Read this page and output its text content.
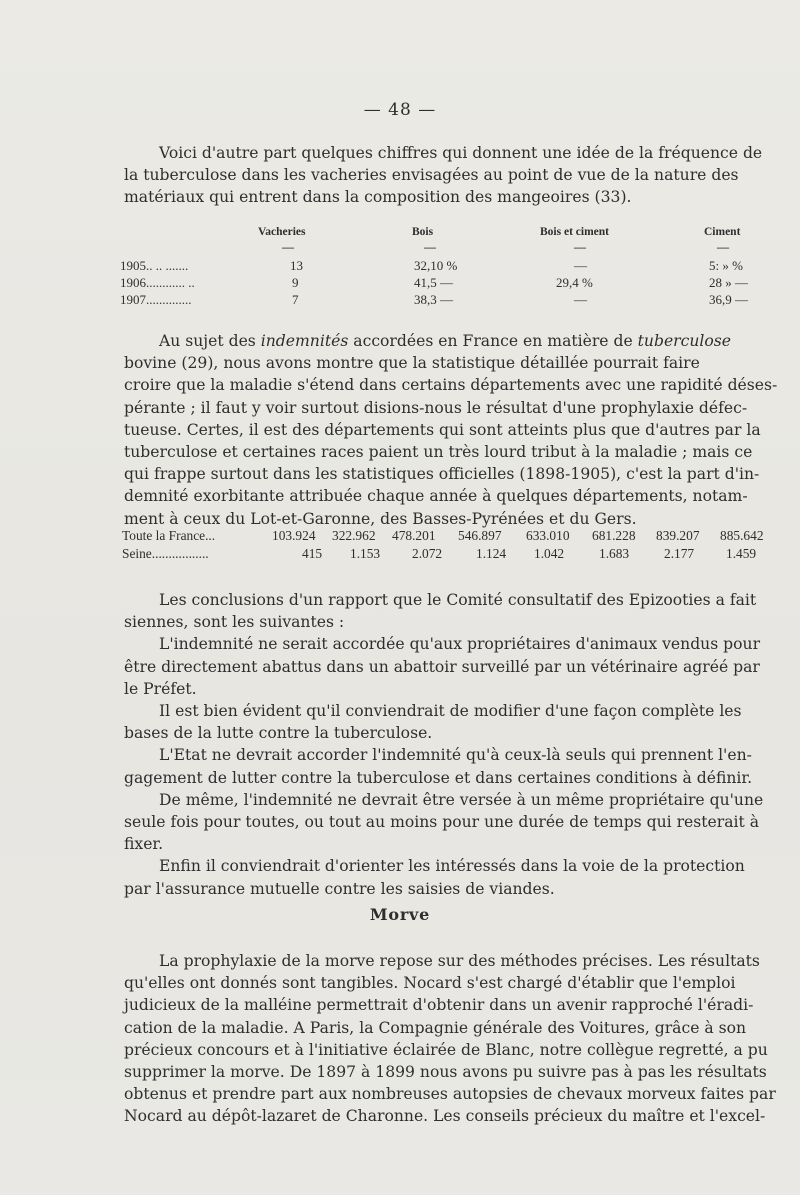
— 48 —
Voici d'autre part quelques chiffres qui donnent une idée de la fréquence de
la tuberculose dans les vacheries envisagées au point de vue de la nature des
matériaux qui entrent dans la composition des mangeoires (33).
Vacheries	Bois	Bois et ciment	Ciment
—	—	—	—
1905.. .. .......	13	32,10 %	—	5: » %
1906............ ..	9	41,5 —	29,4 %	28 » —
1907..............	7	38,3 —	—	36,9 —
Au sujet des indemnités accordées en France en matière de tuberculose
bovine (29), nous avons montre que la statistique détaillée pourrait faire
croire que la maladie s'étend dans certains départements avec une rapidité déses-
pérante ; il faut y voir surtout disions-nous le résultat d'une prophylaxie défec-
tueuse. Certes, il est des départements qui sont atteints plus que d'autres par la
tuberculose et certaines races paient un très lourd tribut à la maladie ; mais ce
qui frappe surtout dans les statistiques officielles (1898-1905), c'est la part d'in-
demnité exorbitante attribuée chaque année à quelques départements, notam-
ment à ceux du Lot-et-Garonne, des Basses-Pyrénées et du Gers.
Toute la France...	103.924 322.962 478.201 546.897 633.010 681.228 839.207 885.642
Seine.................	415 1.153 2.072	1.124 1.042	1.683	2.177 1.459
Les conclusions d'un rapport que le Comité consultatif des Epizooties a fait
siennes, sont les suivantes :
L'indemnité ne serait accordée qu'aux propriétaires d'animaux vendus pour
être directement abattus dans un abattoir surveillé par un vétérinaire agréé par
le Préfet.
Il est bien évident qu'il conviendrait de modifier d'une façon complète les
bases de la lutte contre la tuberculose.
L'Etat ne devrait accorder l'indemnité qu'à ceux-là seuls qui prennent l'en-
gagement de lutter contre la tuberculose et dans certaines conditions à définir.
De même, l'indemnité ne devrait être versée à un même propriétaire qu'une
seule fois pour toutes, ou tout au moins pour une durée de temps qui resterait à
fixer.
Enfin il conviendrait d'orienter les intéressés dans la voie de la protection
par l'assurance mutuelle contre les saisies de viandes.
Morve
La prophylaxie de la morve repose sur des méthodes précises. Les résultats
qu'elles ont donnés sont tangibles. Nocard s'est chargé d'établir que l'emploi
judicieux de la malléine permettrait d'obtenir dans un avenir rapproché l'éradi-
cation de la maladie. A Paris, la Compagnie générale des Voitures, grâce à son
précieux concours et à l'initiative éclairée de Blanc, notre collègue regretté, a pu
supprimer la morve. De 1897 à 1899 nous avons pu suivre pas à pas les résultats
obtenus et prendre part aux nombreuses autopsies de chevaux morveux faites par
Nocard au dépôt-lazaret de Charonne. Les conseils précieux du maître et l'excel-
